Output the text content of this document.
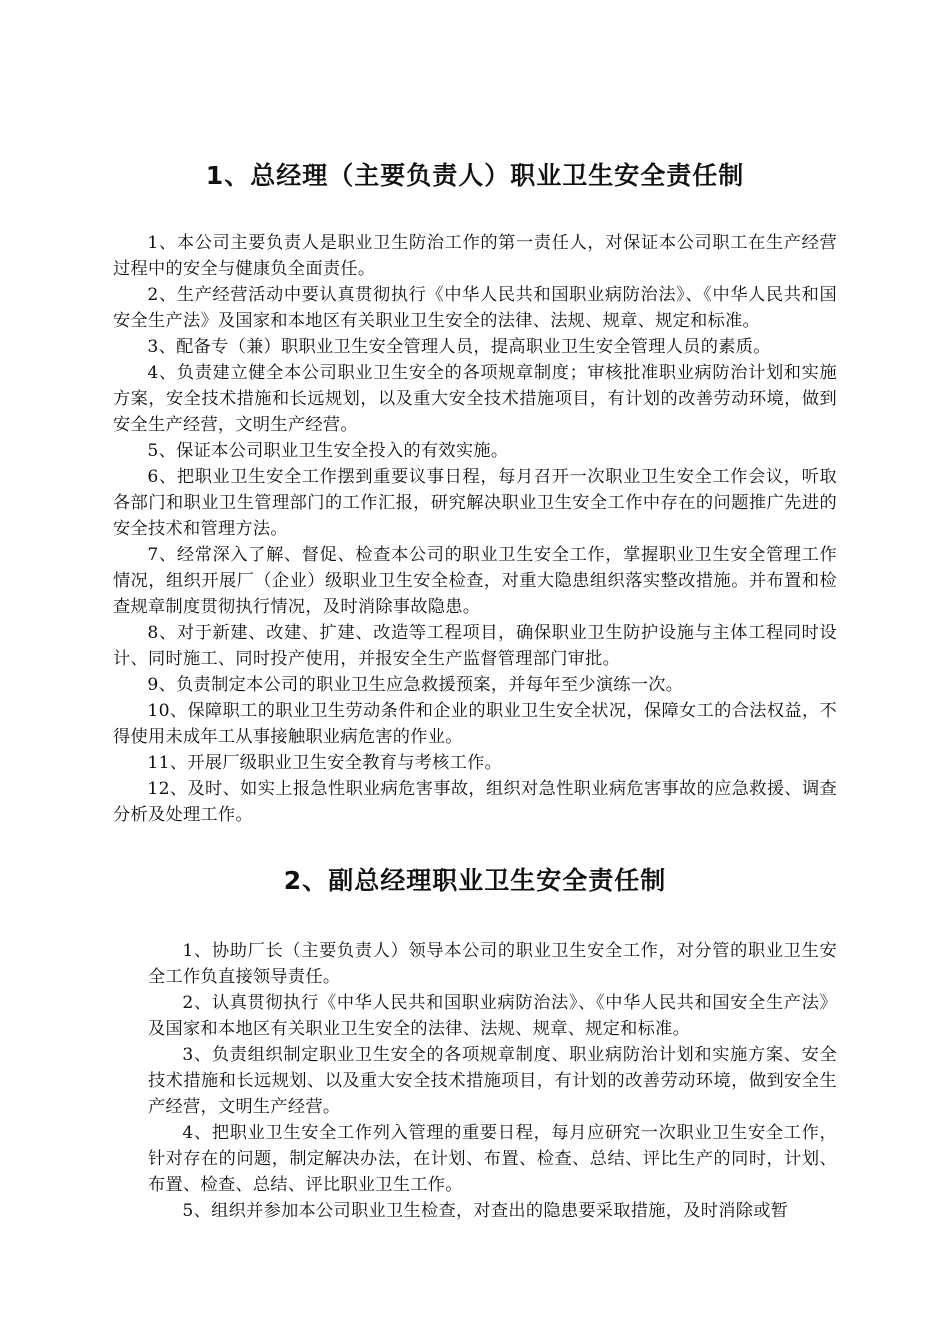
1、总经理（主要负责人）职业卫生安全责任制

1、本公司主要负责人是职业卫生防治工作的第一责任人，对保证本公司职工在生产经营过程中的安全与健康负全面责任。

2、生产经营活动中要认真贯彻执行《中华人民共和国职业病防治法》、《中华人民共和国安全生产法》及国家和本地区有关职业卫生安全的法律、法规、规章、规定和标准。

3、配备专（兼）职职业卫生安全管理人员，提高职业卫生安全管理人员的素质。

4、负责建立健全本公司职业卫生安全的各项规章制度；审核批准职业病防治计划和实施方案，安全技术措施和长远规划，以及重大安全技术措施项目，有计划的改善劳动环境，做到安全生产经营，文明生产经营。

5、保证本公司职业卫生安全投入的有效实施。

6、把职业卫生安全工作摆到重要议事日程，每月召开一次职业卫生安全工作会议，听取各部门和职业卫生管理部门的工作汇报，研究解决职业卫生安全工作中存在的问题推广先进的安全技术和管理方法。

7、经常深入了解、督促、检查本公司的职业卫生安全工作，掌握职业卫生安全管理工作情况，组织开展厂（企业）级职业卫生安全检查，对重大隐患组织落实整改措施。并布置和检查规章制度贯彻执行情况，及时消除事故隐患。

8、对于新建、改建、扩建、改造等工程项目，确保职业卫生防护设施与主体工程同时设计、同时施工、同时投产使用，并报安全生产监督管理部门审批。

9、负责制定本公司的职业卫生应急救援预案，并每年至少演练一次。

10、保障职工的职业卫生劳动条件和企业的职业卫生安全状况，保障女工的合法权益，不得使用未成年工从事接触职业病危害的作业。

11、开展厂级职业卫生安全教育与考核工作。

12、及时、如实上报急性职业病危害事故，组织对急性职业病危害事故的应急救援、调查分析及处理工作。

2、副总经理职业卫生安全责任制

1、协助厂长（主要负责人）领导本公司的职业卫生安全工作，对分管的职业卫生安全工作负直接领导责任。

2、认真贯彻执行《中华人民共和国职业病防治法》、《中华人民共和国安全生产法》及国家和本地区有关职业卫生安全的法律、法规、规章、规定和标准。

3、负责组织制定职业卫生安全的各项规章制度、职业病防治计划和实施方案、安全技术措施和长远规划、以及重大安全技术措施项目，有计划的改善劳动环境，做到安全生产经营，文明生产经营。

4、把职业卫生安全工作列入管理的重要日程，每月应研究一次职业卫生安全工作，针对存在的问题，制定解决办法，在计划、布置、检查、总结、评比生产的同时，计划、布置、检查、总结、评比职业卫生工作。

5、组织并参加本公司职业卫生检查，对查出的隐患要采取措施，及时消除或暂
